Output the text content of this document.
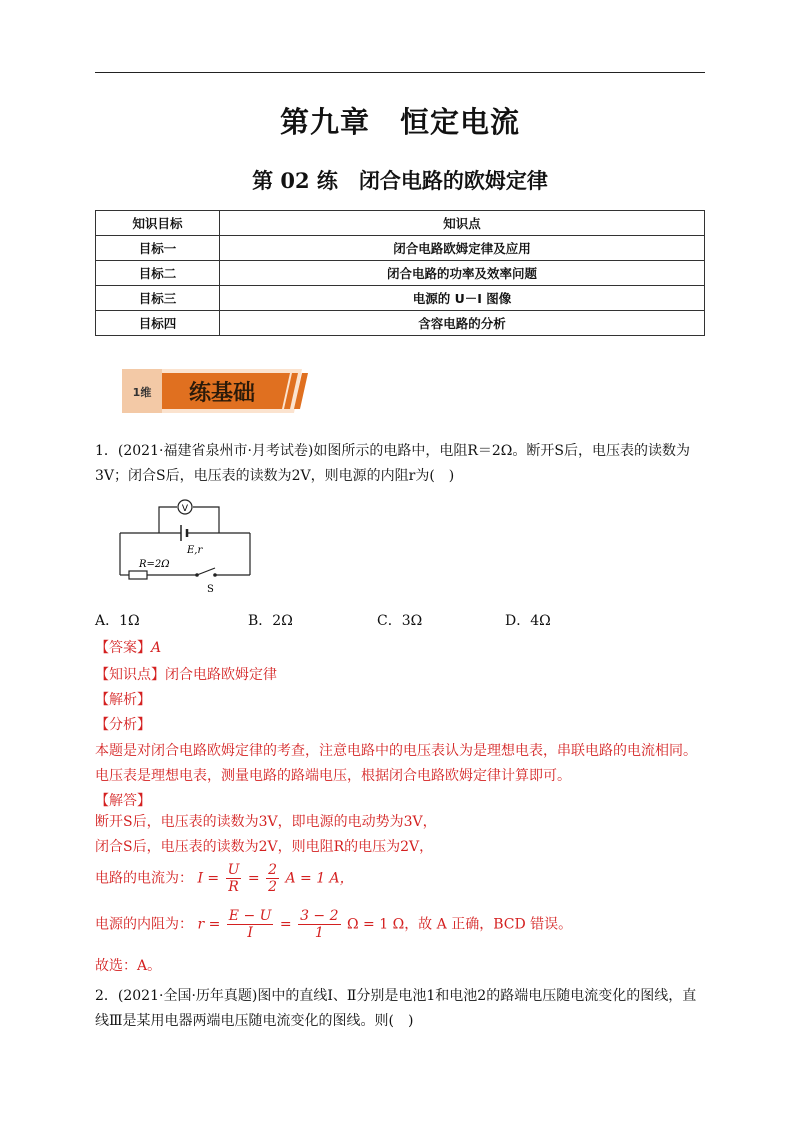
第九章　恒定电流
第 02 练　闭合电路的欧姆定律
知识目标	知识点
目标一	闭合电路欧姆定律及应用
目标二	闭合电路的功率及效率问题
目标三	电源的 U－I 图像
目标四	含容电路的分析
1维 练基础
1．(2021·福建省泉州市·月考试卷)如图所示的电路中，电阻R＝2Ω。断开S后，电压表的读数为
3V；闭合S后，电压表的读数为2V，则电源的内阻r为(　)
V
E,r
R=2Ω
S
A．1Ω	B．2Ω	C．3Ω	D．4Ω
【答案】A
【知识点】闭合电路欧姆定律
【解析】
【分析】
本题是对闭合电路欧姆定律的考查，注意电路中的电压表认为是理想电表，串联电路的电流相同。
电压表是理想电表，测量电路的路端电压，根据闭合电路欧姆定律计算即可。
【解答】
断开S后，电压表的读数为3V，即电源的电动势为3V，
闭合S后，电压表的读数为2V，则电阻R的电压为2V，
电路的电流为： $I = \frac{U}{R} = \frac{2}{2}$ A = 1 A，
电源的内阻为： $r = \frac{E - U}{I} = \frac{3 - 2}{1}$ Ω = 1 Ω，故 A 正确，BCD 错误。
故选：A。
2．(2021·全国·历年真题)图中的直线Ⅰ、Ⅱ分别是电池1和电池2的路端电压随电流变化的图线，直
线Ⅲ是某用电器两端电压随电流变化的图线。则(　)
